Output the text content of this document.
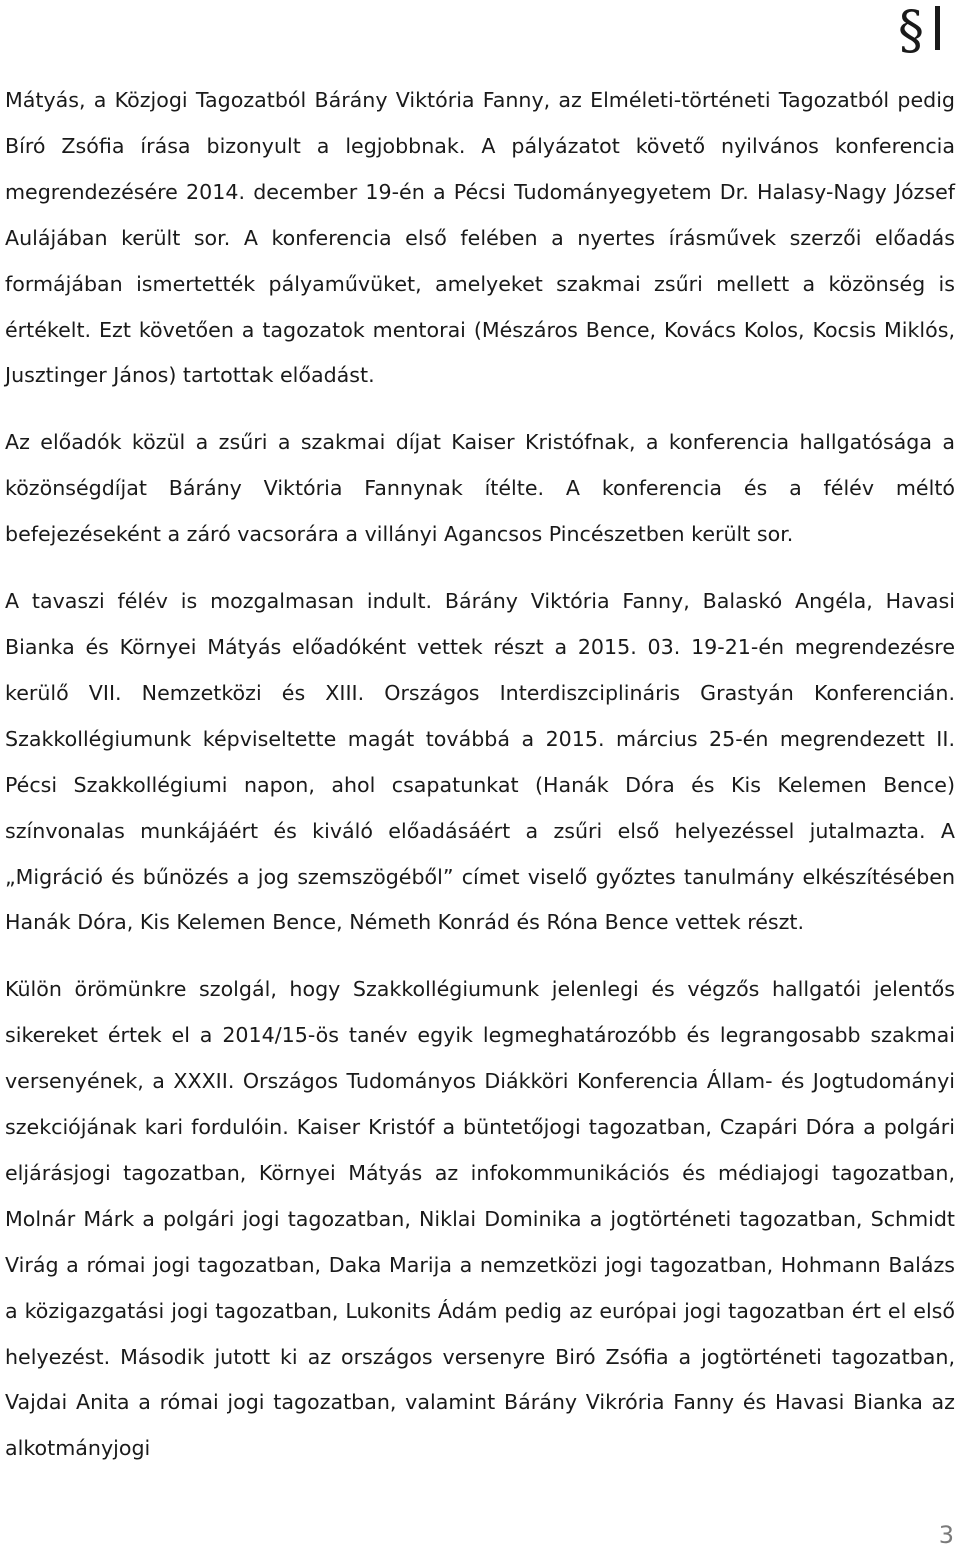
§

Mátyás, a Közjogi Tagozatból Bárány Viktória Fanny, az Elméleti-történeti Tagozatból pedig Bíró Zsófia írása bizonyult a legjobbnak. A pályázatot követő nyilvános konferencia megrendezésére 2014. december 19-én a Pécsi Tudományegyetem Dr. Halasy-Nagy József Aulájában került sor. A konferencia első felében a nyertes írásművek szerzői előadás formájában ismertették pályaművüket, amelyeket szakmai zsűri mellett a közönség is értékelt. Ezt követően a tagozatok mentorai (Mészáros Bence, Kovács Kolos, Kocsis Miklós, Jusztinger János) tartottak előadást.

Az előadók közül a zsűri a szakmai díjat Kaiser Kristófnak, a konferencia hallgatósága a közönségdíjat Bárány Viktória Fannynak ítélte. A konferencia és a félév méltó befejezéseként a záró vacsorára a villányi Agancsos Pincészetben került sor.

A tavaszi félév is mozgalmasan indult. Bárány Viktória Fanny, Balaskó Angéla, Havasi Bianka és Környei Mátyás előadóként vettek részt a 2015. 03. 19-21-én megrendezésre kerülő VII. Nemzetközi és XIII. Országos Interdiszciplináris Grastyán Konferencián. Szakkollégiumunk képviseltette magát továbbá a 2015. március 25-én megrendezett II. Pécsi Szakkollégiumi napon, ahol csapatunkat (Hanák Dóra és Kis Kelemen Bence) színvonalas munkájáért és kiváló előadásáért a zsűri első helyezéssel jutalmazta. A „Migráció és bűnözés a jog szemszögéből” címet viselő győztes tanulmány elkészítésében Hanák Dóra, Kis Kelemen Bence, Németh Konrád és Róna Bence vettek részt.

Külön örömünkre szolgál, hogy Szakkollégiumunk jelenlegi és végzős hallgatói jelentős sikereket értek el a 2014/15-ös tanév egyik legmeghatározóbb és legrangosabb szakmai versenyének, a XXXII. Országos Tudományos Diákköri Konferencia Állam- és Jogtudományi szekciójának kari fordulóin. Kaiser Kristóf a büntetőjogi tagozatban, Czapári Dóra a polgári eljárásjogi tagozatban, Környei Mátyás az infokommunikációs és médiajogi tagozatban, Molnár Márk a polgári jogi tagozatban, Niklai Dominika a jogtörténeti tagozatban, Schmidt Virág a római jogi tagozatban, Daka Marija a nemzetközi jogi tagozatban, Hohmann Balázs a közigazgatási jogi tagozatban, Lukonits Ádám pedig az európai jogi tagozatban ért el első helyezést. Második jutott ki az országos versenyre Biró Zsófia a jogtörténeti tagozatban, Vajdai Anita a római jogi tagozatban, valamint Bárány Vikrória Fanny és Havasi Bianka az alkotmányjogi

3
